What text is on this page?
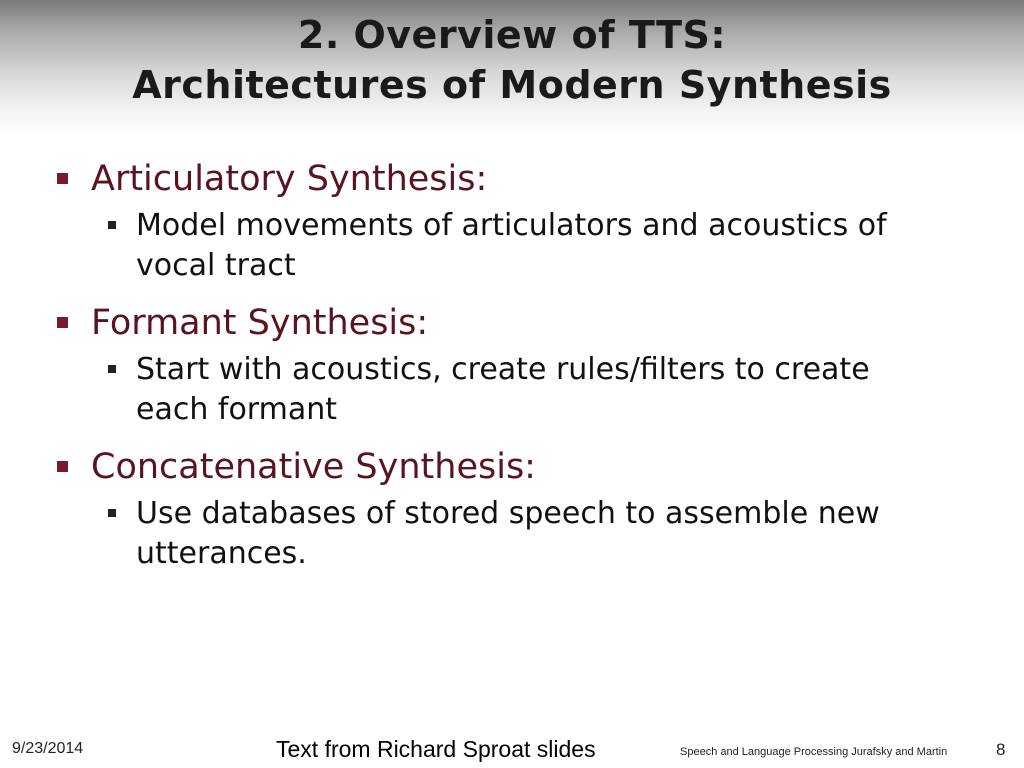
2. Overview of TTS:
Architectures of Modern Synthesis

Articulatory Synthesis:

Model movements of articulators and acoustics of vocal tract

Formant Synthesis:

Start with acoustics, create rules/filters to create each formant

Concatenative Synthesis:

Use databases of stored speech to assemble new utterances.

9/23/2014	Text from Richard Sproat slides	Speech and Language Processing Jurafsky and Martin	8
